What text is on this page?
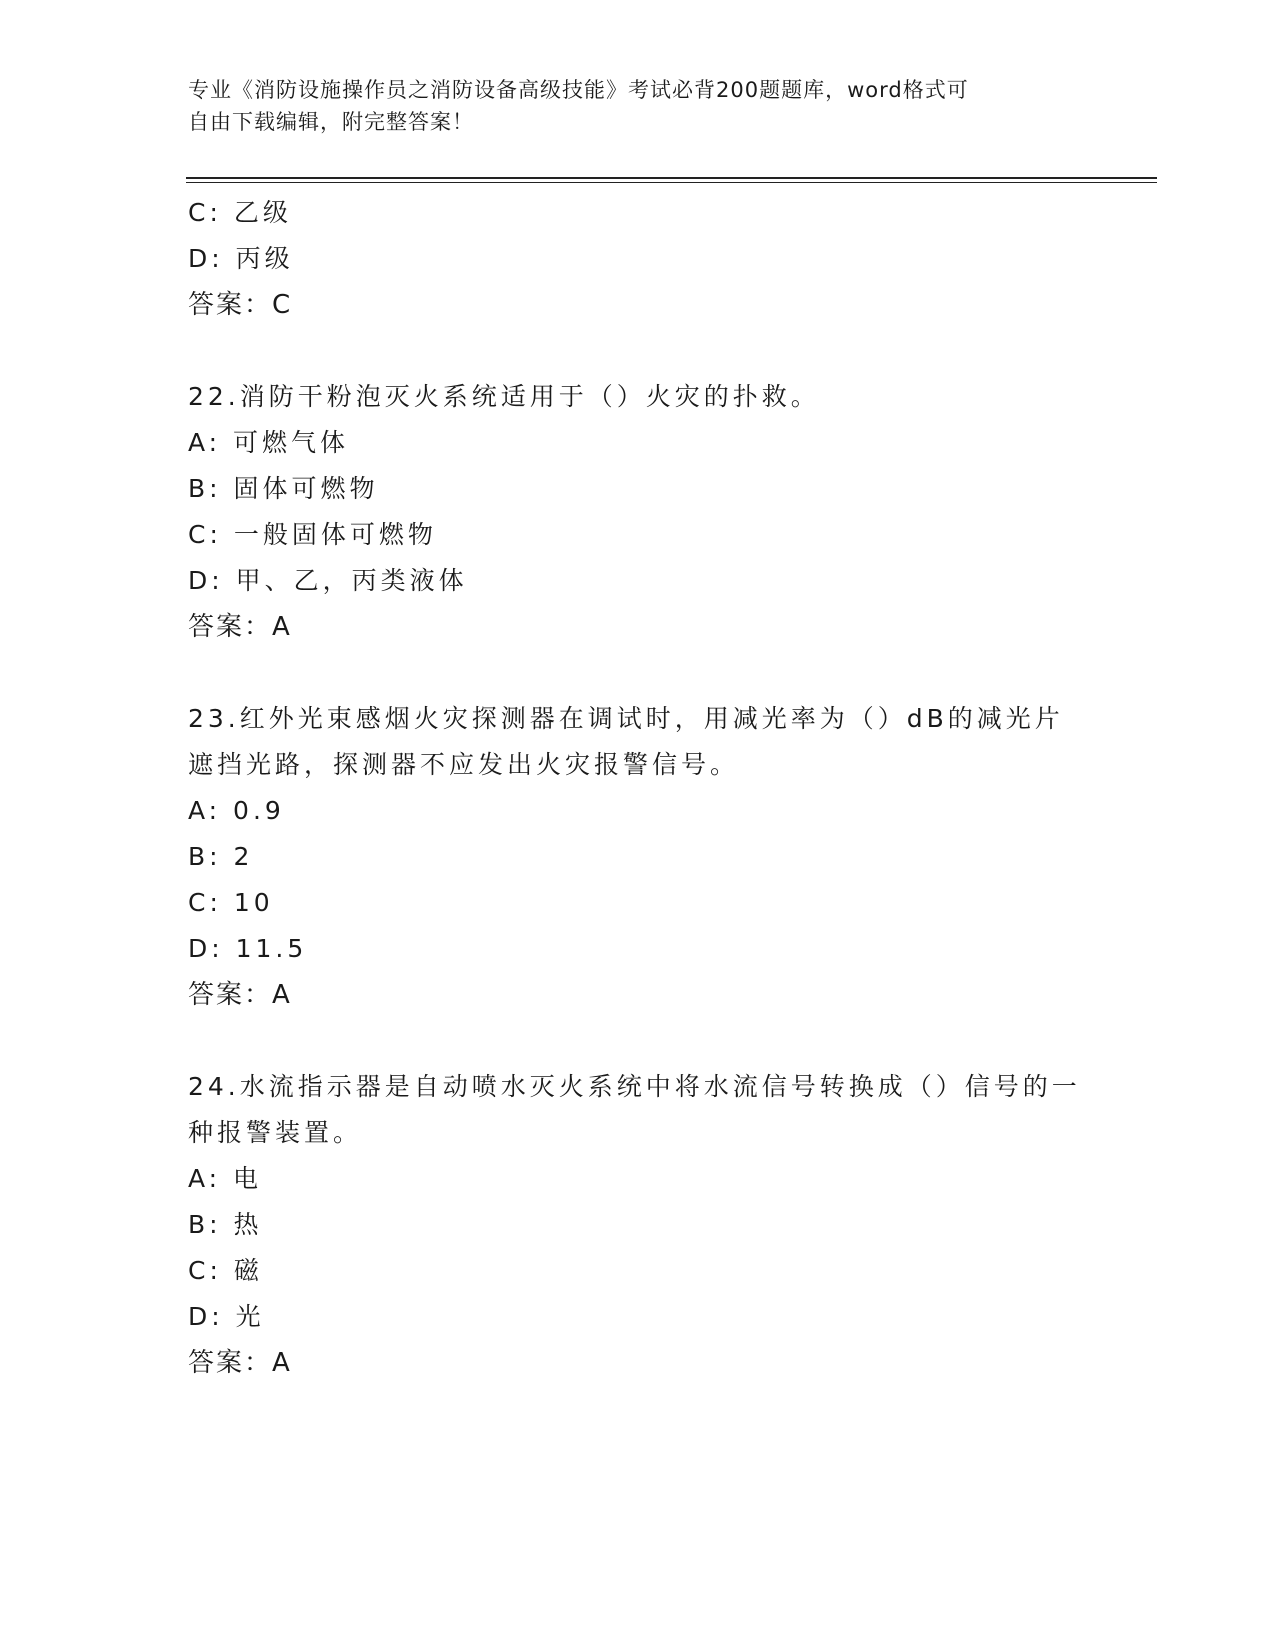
专业《消防设施操作员之消防设备高级技能》考试必背200题题库，word格式可
自由下载编辑，附完整答案！
C: 乙级
D: 丙级
答案：C
22.消防干粉泡灭火系统适用于（）火灾的扑救。
A: 可燃气体
B: 固体可燃物
C: 一般固体可燃物
D: 甲、乙，丙类液体
答案：A
23.红外光束感烟火灾探测器在调试时，用减光率为（）dB的减光片遮挡光路，探测器不应发出火灾报警信号。
A: 0.9
B: 2
C: 10
D: 11.5
答案：A
24.水流指示器是自动喷水灭火系统中将水流信号转换成（）信号的一种报警装置。
A: 电
B: 热
C: 磁
D: 光
答案：A
